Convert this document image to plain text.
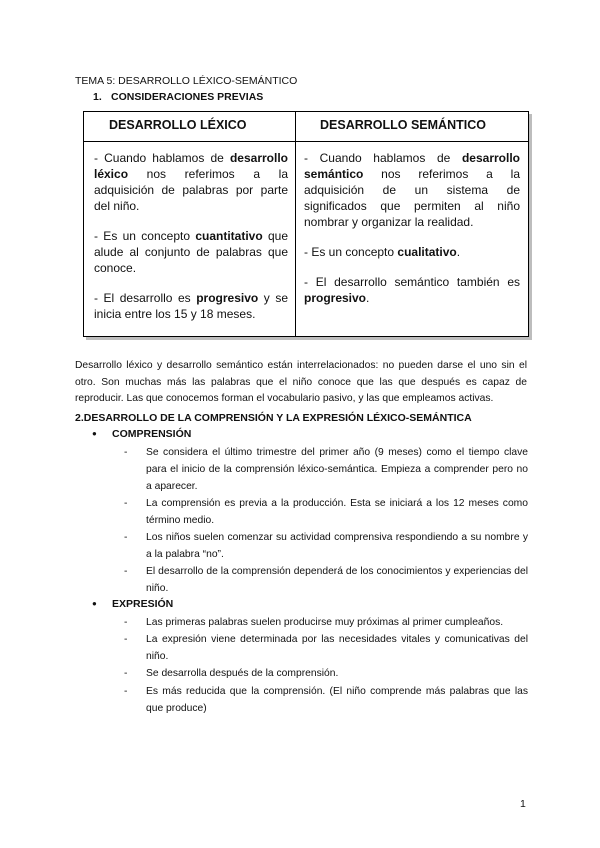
TEMA 5: DESARROLLO LÉXICO-SEMÁNTICO
1. CONSIDERACIONES PREVIAS
DESARROLLO LÉXICO	DESARROLLO SEMÁNTICO

- Cuando hablamos de desarrollo léxico nos referimos a la adquisición de palabras por parte del niño.

- Es un concepto cuantitativo que alude al conjunto de palabras que conoce.

- El desarrollo es progresivo y se inicia entre los 15 y 18 meses.

- Cuando hablamos de desarrollo semántico nos referimos a la adquisición de un sistema de significados que permiten al niño nombrar y organizar la realidad.

- Es un concepto cualitativo.

- El desarrollo semántico también es progresivo.

Desarrollo léxico y desarrollo semántico están interrelacionados: no pueden darse el uno sin el otro. Son muchas más las palabras que el niño conoce que las que después es capaz de reproducir. Las que conocemos forman el vocabulario pasivo, y las que empleamos activas.
2.DESARROLLO DE LA COMPRENSIÓN Y LA EXPRESIÓN LÉXICO-SEMÁNTICA
● COMPRENSIÓN
- Se considera el último trimestre del primer año (9 meses) como el tiempo clave para el inicio de la comprensión léxico-semántica. Empieza a comprender pero no a aparecer.
- La comprensión es previa a la producción. Esta se iniciará a los 12 meses como término medio.
- Los niños suelen comenzar su actividad comprensiva respondiendo a su nombre y a la palabra “no”.
- El desarrollo de la comprensión dependerá de los conocimientos y experiencias del niño.
● EXPRESIÓN
- Las primeras palabras suelen producirse muy próximas al primer cumpleaños.
- La expresión viene determinada por las necesidades vitales y comunicativas del niño.
- Se desarrolla después de la comprensión.
- Es más reducida que la comprensión. (El niño comprende más palabras que las que produce)
1
